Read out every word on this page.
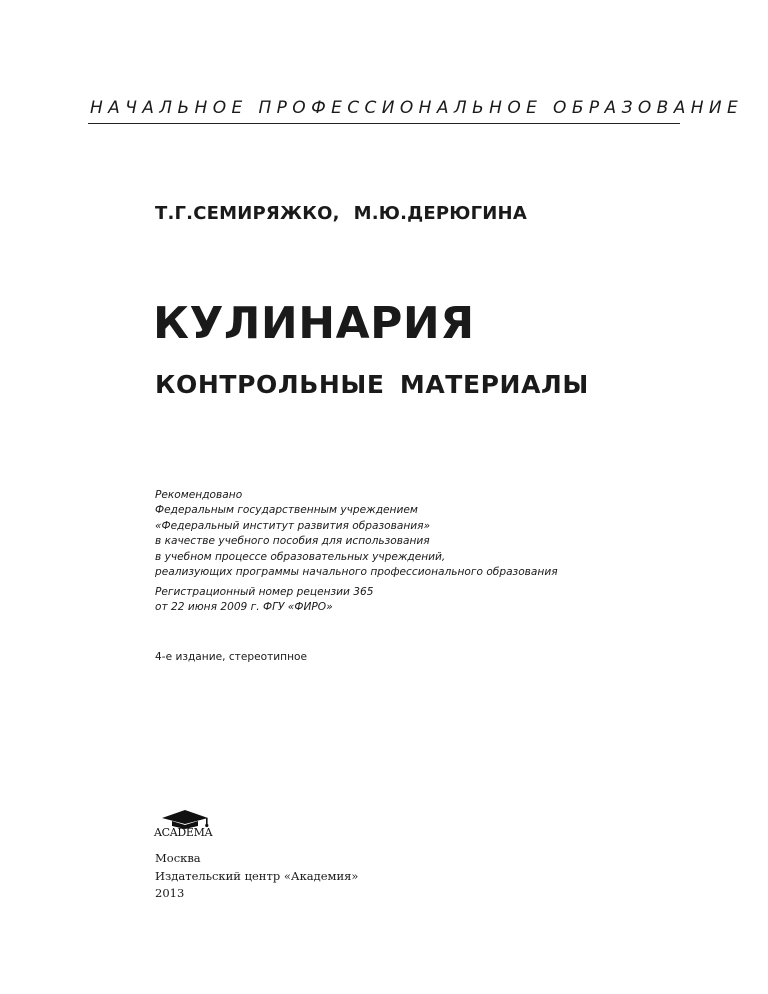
НАЧАЛЬНОЕ ПРОФЕССИОНАЛЬНОЕ ОБРАЗОВАНИЕ
Т.Г.СЕМИРЯЖКО, М.Ю.ДЕРЮГИНА
КУЛИНАРИЯ
КОНТРОЛЬНЫЕ МАТЕРИАЛЫ
Рекомендовано
Федеральным государственным учреждением
«Федеральный институт развития образования»
в качестве учебного пособия для использования
в учебном процессе образовательных учреждений,
реализующих программы начального профессионального образования
Регистрационный номер рецензии 365
от 22 июня 2009 г. ФГУ «ФИРО»
4-е издание, стереотипное
ACADEMA
Москва
Издательский центр «Академия»
2013
